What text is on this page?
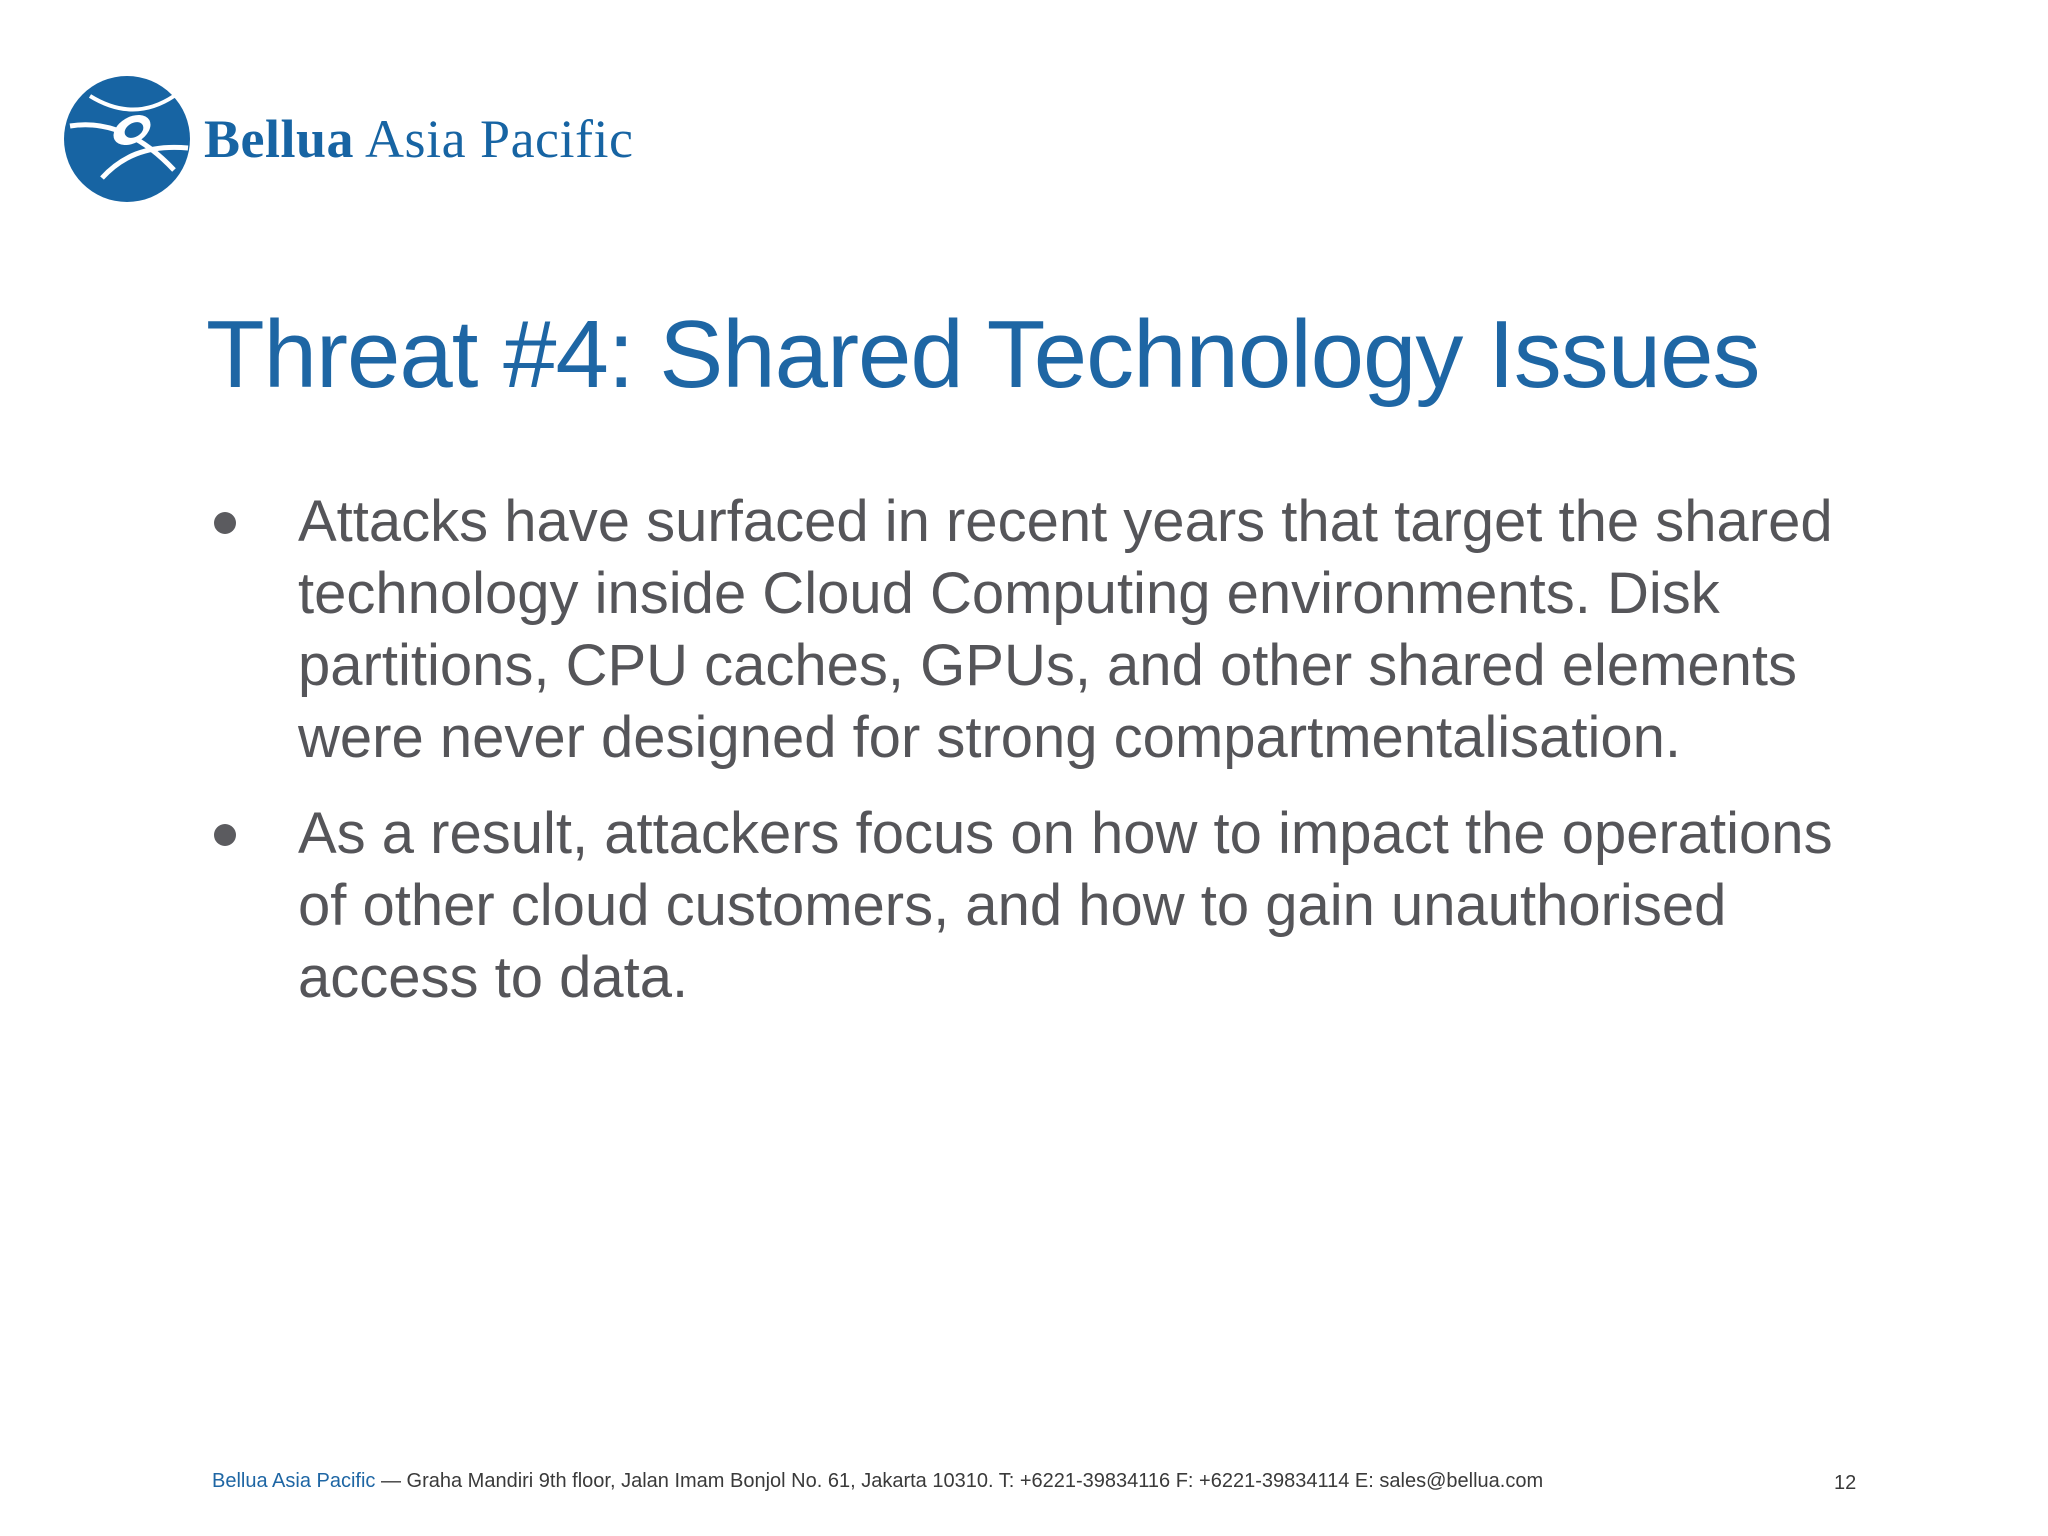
Bellua Asia Pacific
Threat #4: Shared Technology Issues
Attacks have surfaced in recent years that target the shared technology inside Cloud Computing environments. Disk partitions, CPU caches, GPUs, and other shared elements were never designed for strong compartmentalisation.
As a result, attackers focus on how to impact the operations of other cloud customers, and how to gain unauthorised access to data.
Bellua Asia Pacific — Graha Mandiri 9th floor, Jalan Imam Bonjol No. 61, Jakarta 10310. T: +6221-39834116 F: +6221-39834114 E: sales@bellua.com	12
